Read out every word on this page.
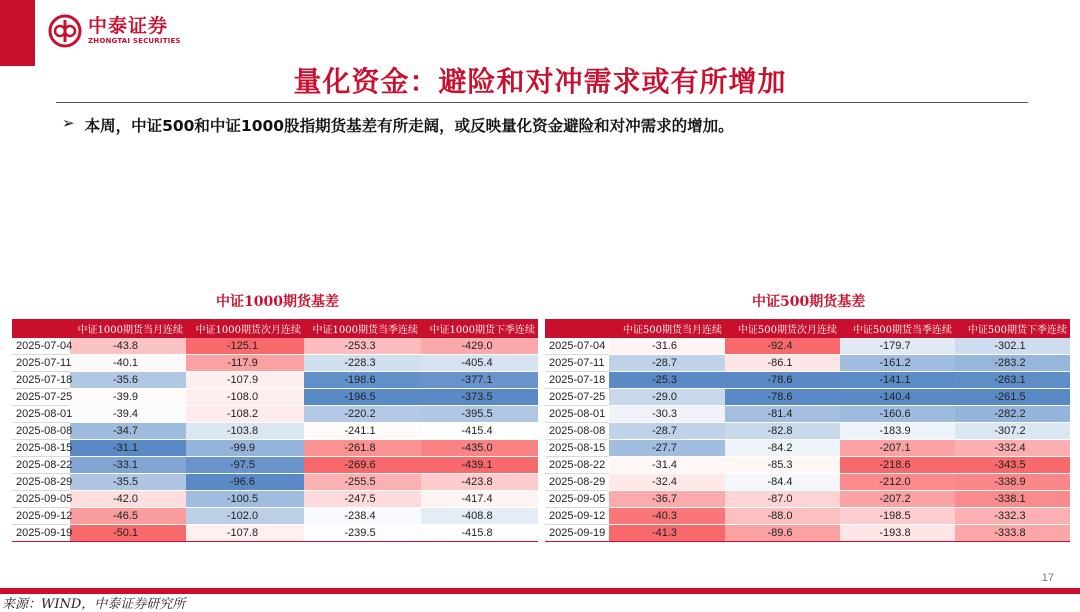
中泰证券
ZHONGTAI SECURITIES
量化资金：避险和对冲需求或有所增加
➢ 本周，中证500和中证1000股指期货基差有所走阔，或反映量化资金避险和对冲需求的增加。
中证1000期货基差
	中证1000期货当月连续	中证1000期货次月连续	中证1000期货当季连续	中证1000期货下季连续
2025-07-04	-43.8	-125.1	-253.3	-429.0
2025-07-11	-40.1	-117.9	-228.3	-405.4
2025-07-18	-35.6	-107.9	-198.6	-377.1
2025-07-25	-39.9	-108.0	-196.5	-373.5
2025-08-01	-39.4	-108.2	-220.2	-395.5
2025-08-08	-34.7	-103.8	-241.1	-415.4
2025-08-15	-31.1	-99.9	-261.8	-435.0
2025-08-22	-33.1	-97.5	-269.6	-439.1
2025-08-29	-35.5	-96.6	-255.5	-423.8
2025-09-05	-42.0	-100.5	-247.5	-417.4
2025-09-12	-46.5	-102.0	-238.4	-408.8
2025-09-19	-50.1	-107.8	-239.5	-415.8
中证500期货基差
	中证500期货当月连续	中证500期货次月连续	中证500期货当季连续	中证500期货下季连续
2025-07-04	-31.6	-92.4	-179.7	-302.1
2025-07-11	-28.7	-86.1	-161.2	-283.2
2025-07-18	-25.3	-78.6	-141.1	-263.1
2025-07-25	-29.0	-78.6	-140.4	-261.5
2025-08-01	-30.3	-81.4	-160.6	-282.2
2025-08-08	-28.7	-82.8	-183.9	-307.2
2025-08-15	-27.7	-84.2	-207.1	-332.4
2025-08-22	-31.4	-85.3	-218.6	-343.5
2025-08-29	-32.4	-84.4	-212.0	-338.9
2025-09-05	-36.7	-87.0	-207.2	-338.1
2025-09-12	-40.3	-88.0	-198.5	-332.3
2025-09-19	-41.3	-89.6	-193.8	-333.8
17
来源：WIND，中泰证券研究所
